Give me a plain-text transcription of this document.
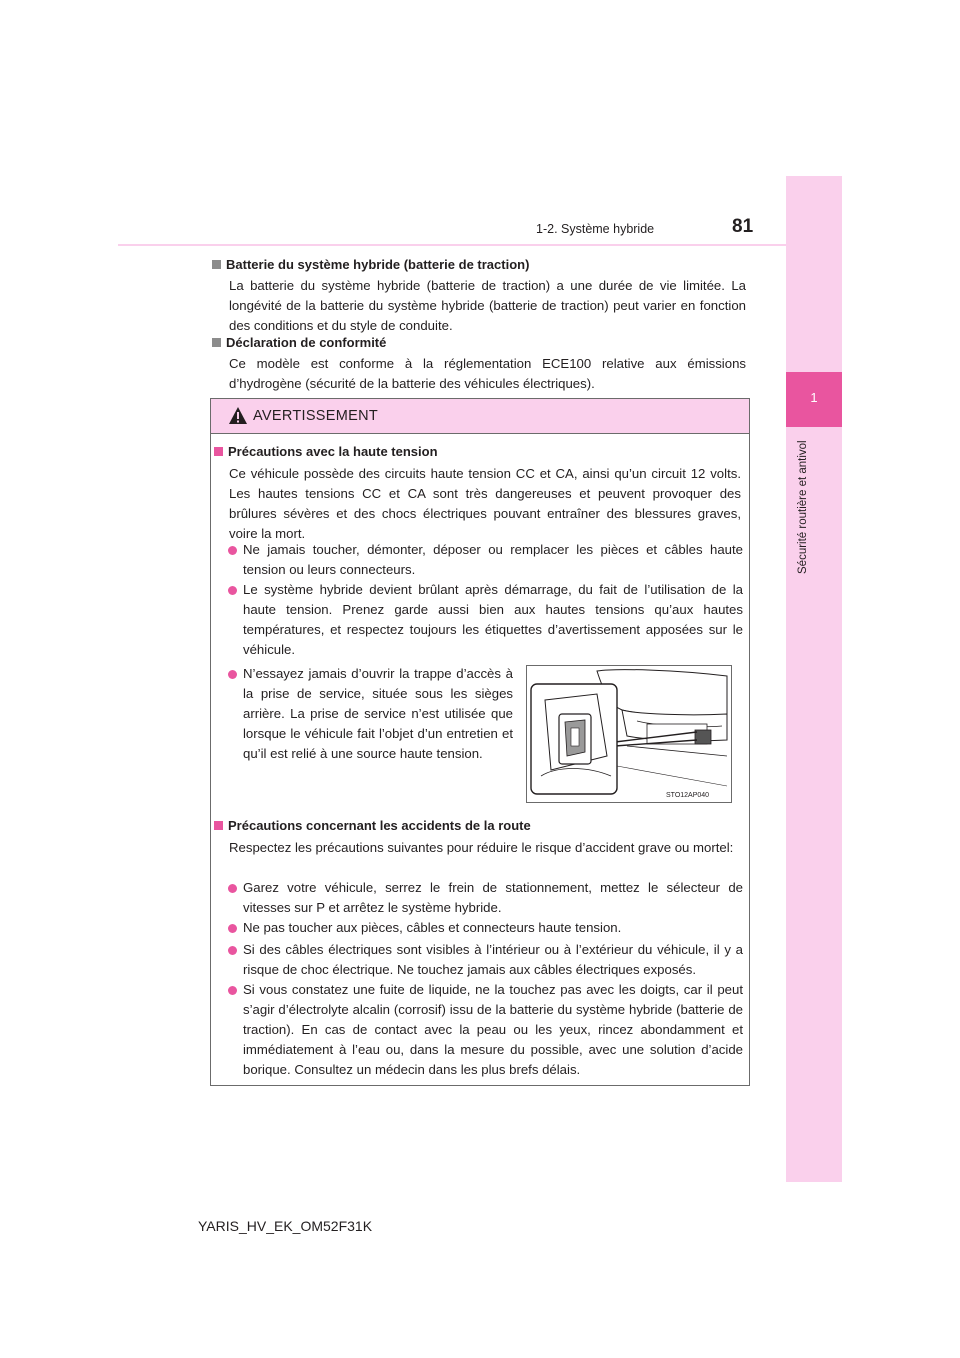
1
Sécurité routière et antivol
1-2. Système hybride	81
Batterie du système hybride (batterie de traction)
La batterie du système hybride (batterie de traction) a une durée de vie limitée. La longévité de la batterie du système hybride (batterie de traction) peut varier en fonction des conditions et du style de conduite.
Déclaration de conformité
Ce modèle est conforme à la réglementation ECE100 relative aux émissions d’hydrogène (sécurité de la batterie des véhicules électriques).
AVERTISSEMENT
Précautions avec la haute tension
Ce véhicule possède des circuits haute tension CC et CA, ainsi qu’un circuit 12 volts. Les hautes tensions CC et CA sont très dangereuses et peuvent provoquer des brûlures sévères et des chocs électriques pouvant entraîner des blessures graves, voire la mort.
Ne jamais toucher, démonter, déposer ou remplacer les pièces et câbles haute tension ou leurs connecteurs.
Le système hybride devient brûlant après démarrage, du fait de l’utilisation de la haute tension. Prenez garde aussi bien aux hautes tensions qu’aux hautes températures, et respectez toujours les étiquettes d’avertissement apposées sur le véhicule.
N’essayez jamais d’ouvrir la trappe d’accès à la prise de service, située sous les sièges arrière. La prise de service n’est utilisée que lorsque le véhicule fait l’objet d’un entretien et qu’il est relié à une source haute tension.
STO12AP040
Précautions concernant les accidents de la route
Respectez les précautions suivantes pour réduire le risque d’accident grave ou mortel:
Garez votre véhicule, serrez le frein de stationnement, mettez le sélecteur de vitesses sur P et arrêtez le système hybride.
Ne pas toucher aux pièces, câbles et connecteurs haute tension.
Si des câbles électriques sont visibles à l’intérieur ou à l’extérieur du véhicule, il y a risque de choc électrique. Ne touchez jamais aux câbles électriques exposés.
Si vous constatez une fuite de liquide, ne la touchez pas avec les doigts, car il peut s’agir d’électrolyte alcalin (corrosif) issu de la batterie du système hybride (batterie de traction). En cas de contact avec la peau ou les yeux, rincez abondamment et immédiatement à l’eau ou, dans la mesure du possible, avec une solution d’acide borique. Consultez un médecin dans les plus brefs délais.
YARIS_HV_EK_OM52F31K
